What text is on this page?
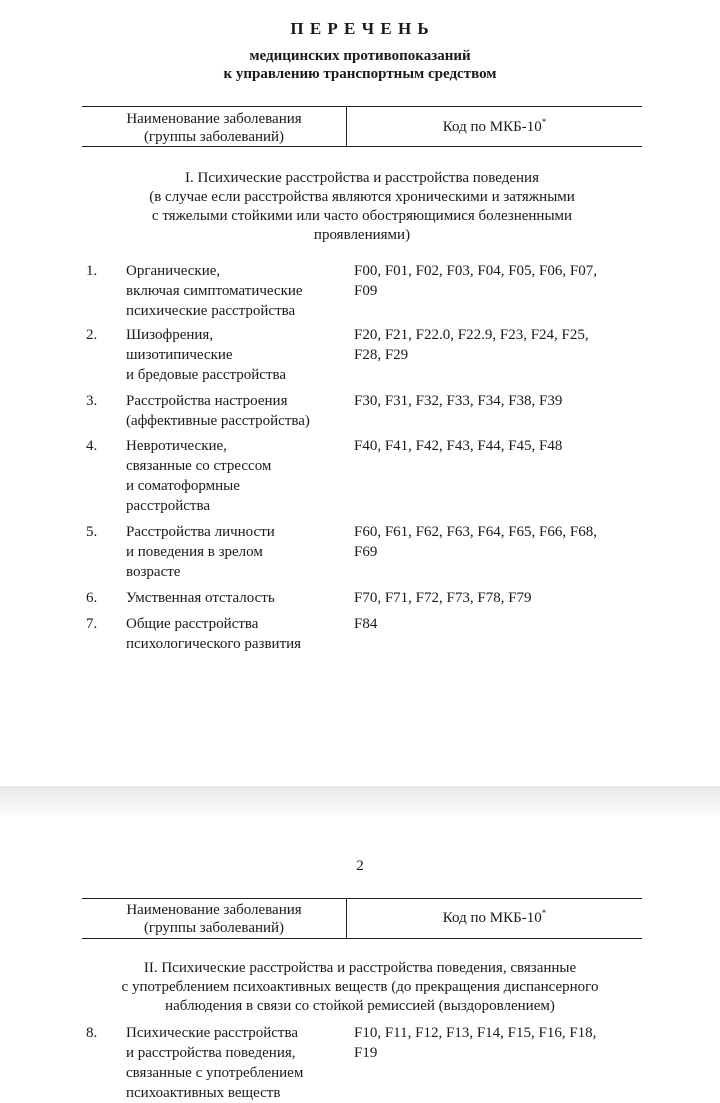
П Е Р Е Ч Е Н Ь
медицинских противопоказаний
к управлению транспортным средством
Наименование заболевания
(группы заболеваний)
Код по МКБ-10*
I. Психические расстройства и расстройства поведения
(в случае если расстройства являются хроническими и затяжными
с тяжелыми стойкими или часто обостряющимися болезненными
проявлениями)
1. Органические,
включая симптоматические
психические расстройства
F00, F01, F02, F03, F04, F05, F06, F07,
F09
2. Шизофрения,
шизотипические
и бредовые расстройства
F20, F21, F22.0, F22.9, F23, F24, F25,
F28, F29
3. Расстройства настроения
(аффективные расстройства)
F30, F31, F32, F33, F34, F38, F39
4. Невротические,
связанные со стрессом
и соматоформные
расстройства
F40, F41, F42, F43, F44, F45, F48
5. Расстройства личности
и поведения в зрелом
возрасте
F60, F61, F62, F63, F64, F65, F66, F68,
F69
6. Умственная отсталость	F70, F71, F72, F73, F78, F79
7. Общие расстройства
психологического развития
F84
2
Наименование заболевания
(группы заболеваний)
Код по МКБ-10*
II. Психические расстройства и расстройства поведения, связанные
с употреблением психоактивных веществ (до прекращения диспансерного
наблюдения в связи со стойкой ремиссией (выздоровлением)
8. Психические расстройства
и расстройства поведения,
связанные с употреблением
психоактивных веществ
F10, F11, F12, F13, F14, F15, F16, F18,
F19
